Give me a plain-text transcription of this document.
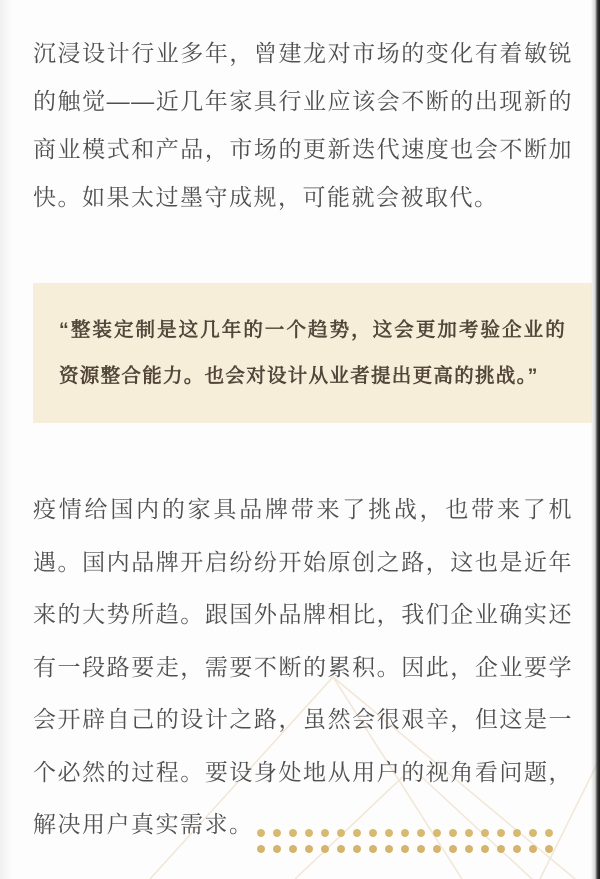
沉浸设计行业多年，曾建龙对市场的变化有着敏锐的触觉——近几年家具行业应该会不断的出现新的商业模式和产品，市场的更新迭代速度也会不断加快。如果太过墨守成规，可能就会被取代。

“整装定制是这几年的一个趋势，这会更加考验企业的资源整合能力。也会对设计从业者提出更高的挑战。”

疫情给国内的家具品牌带来了挑战，也带来了机遇。国内品牌开启纷纷开始原创之路，这也是近年来的大势所趋。跟国外品牌相比，我们企业确实还有一段路要走，需要不断的累积。因此，企业要学会开辟自己的设计之路，虽然会很艰辛，但这是一个必然的过程。要设身处地从用户的视角看问题，解决用户真实需求。
